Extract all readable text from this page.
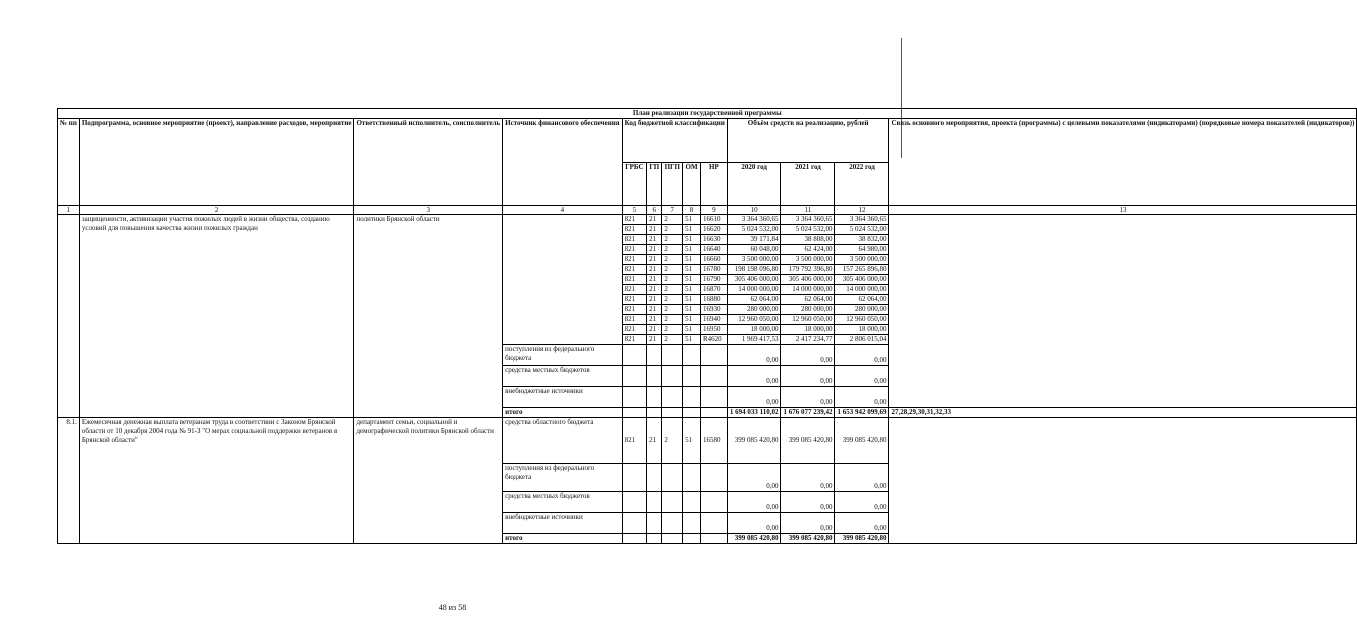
План реализации государственной программы												
№ пп	Подпрограмма, основное мероприятие (проект), направление расходов, мероприятие	Ответственный исполнитель, соисполнитель	Источник финансового обеспечения	Код бюджетной классификации					Объём средств на реализацию, рублей			Связь основного мероприятия, проекта (программы) с целевыми показателями (индикаторами) (порядковые номера показателей (индикаторов))
				ГРБС	ГП	ПГП	ОМ	НР	2020 год	2021 год	2022 год	
1	2	3	4	5	6	7	8	9	10	11	12	13
	защищенности, активизации участия пожилых людей в жизни общества, созданию условий для повышения качества жизни пожилых граждан	политики Брянской области		821	21	2	51	16610	3 364 360,65	3 364 360,65	3 364 360,65	
				821	21	2	51	16620	5 024 532,00	5 024 532,00	5 024 532,00	
				821	21	2	51	16630	39 171,84	38 808,00	38 832,00	
				821	21	2	51	16640	60 048,00	62 424,00	64 980,00	
				821	21	2	51	16660	3 500 000,00	3 500 000,00	3 500 000,00	
				821	21	2	51	16780	198 198 096,80	179 792 396,80	157 265 896,80	
				821	21	2	51	16790	305 406 000,00	305 406 000,00	305 406 000,00	
				821	21	2	51	16870	14 000 000,00	14 000 000,00	14 000 000,00	
				821	21	2	51	16880	62 064,00	62 064,00	62 064,00	
				821	21	2	51	16930	280 000,00	280 000,00	280 000,00	
				821	21	2	51	16940	12 960 050,00	12 960 050,00	12 960 050,00	
				821	21	2	51	16950	18 000,00	18 000,00	18 000,00	
				821	21	2	51	R4620	1 969 417,53	2 417 234,77	2 806 015,04	
			поступления из федерального бюджета						0,00	0,00	0,00	
			средства местных бюджетов						0,00	0,00	0,00	
			внебюджетные источники						0,00	0,00	0,00	
			итого						1 694 033 110,02	1 676 077 239,42	1 653 942 099,69	27,28,29,30,31,32,33
8.1.	Ежемесячная денежная выплата ветеранам труда в соответствии с Законом Брянской области от 10 декабря 2004 года № 91-З "О мерах социальной поддержки ветеранов в Брянской области"	департамент семьи, социальной и демографической политики Брянской области	средства областного бюджета	821	21	2	51	16580	399 085 420,80	399 085 420,80	399 085 420,80	
			поступления из федерального бюджета						0,00	0,00	0,00	
			средства местных бюджетов						0,00	0,00	0,00	
			внебюджетные источники						0,00	0,00	0,00	
			итого						399 085 420,80	399 085 420,80	399 085 420,80	
48 из 58
